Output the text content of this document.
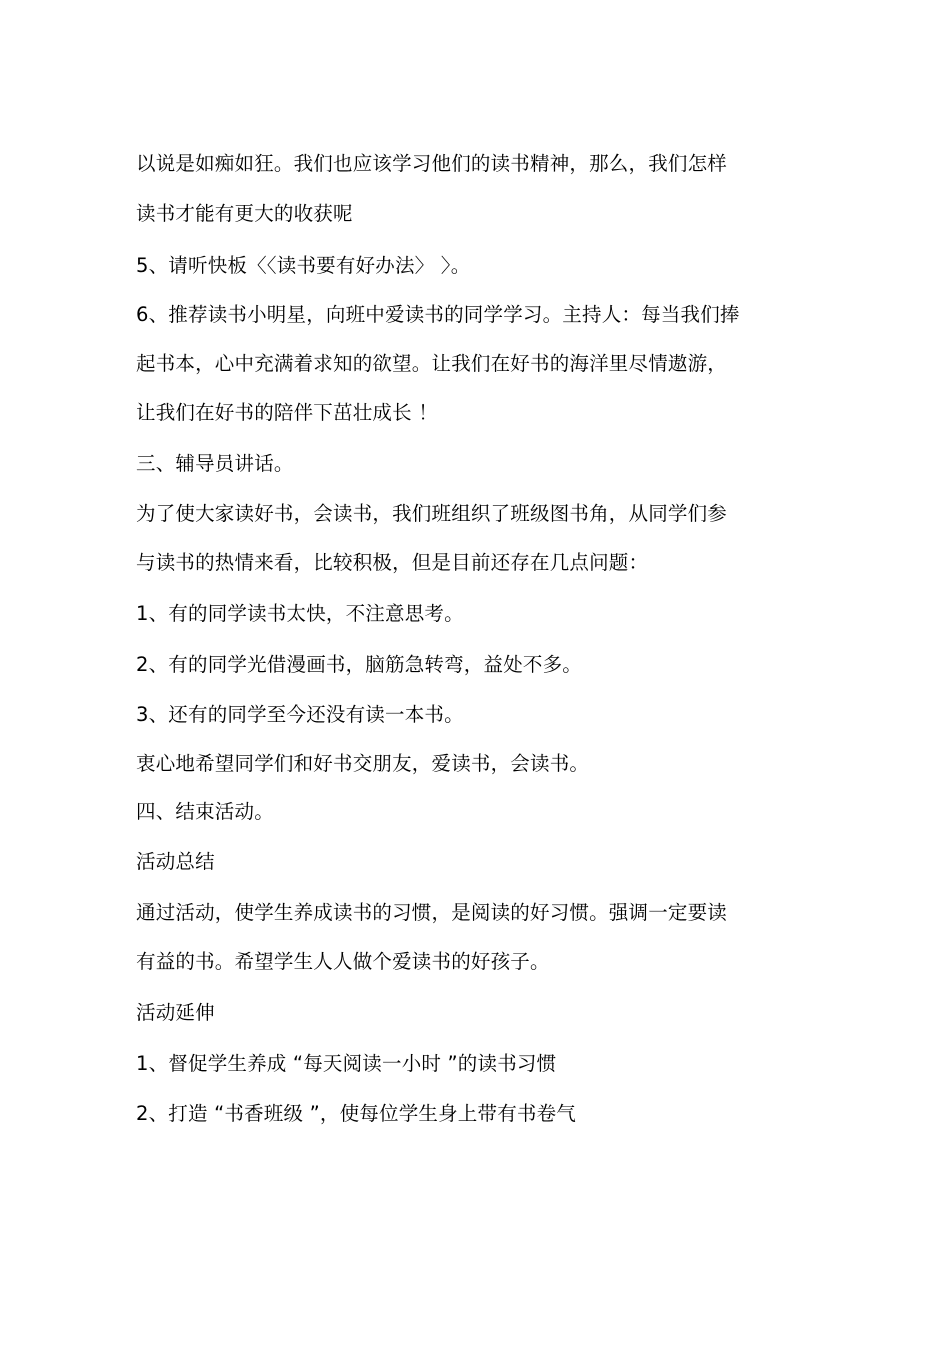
以说是如痴如狂。我们也应该学习他们的读书精神，那么，我们怎样
读书才能有更大的收获呢
5、请听快板〈〈读书要有好办法〉 〉。
6、推荐读书小明星，向班中爱读书的同学学习。主持人：每当我们捧
起书本，心中充满着求知的欲望。让我们在好书的海洋里尽情遨游，
让我们在好书的陪伴下茁壮成长 ！
三、辅导员讲话。
为了使大家读好书，会读书，我们班组织了班级图书角，从同学们参
与读书的热情来看，比较积极，但是目前还存在几点问题：
1、有的同学读书太快，不注意思考。
2、有的同学光借漫画书，脑筋急转弯，益处不多。
3、还有的同学至今还没有读一本书。
衷心地希望同学们和好书交朋友，爱读书，会读书。
四、结束活动。
活动总结
通过活动，使学生养成读书的习惯，是阅读的好习惯。强调一定要读
有益的书。希望学生人人做个爱读书的好孩子。
活动延伸
1、督促学生养成 “每天阅读一小时 ”的读书习惯
2、打造 “书香班级 ”，使每位学生身上带有书卷气
